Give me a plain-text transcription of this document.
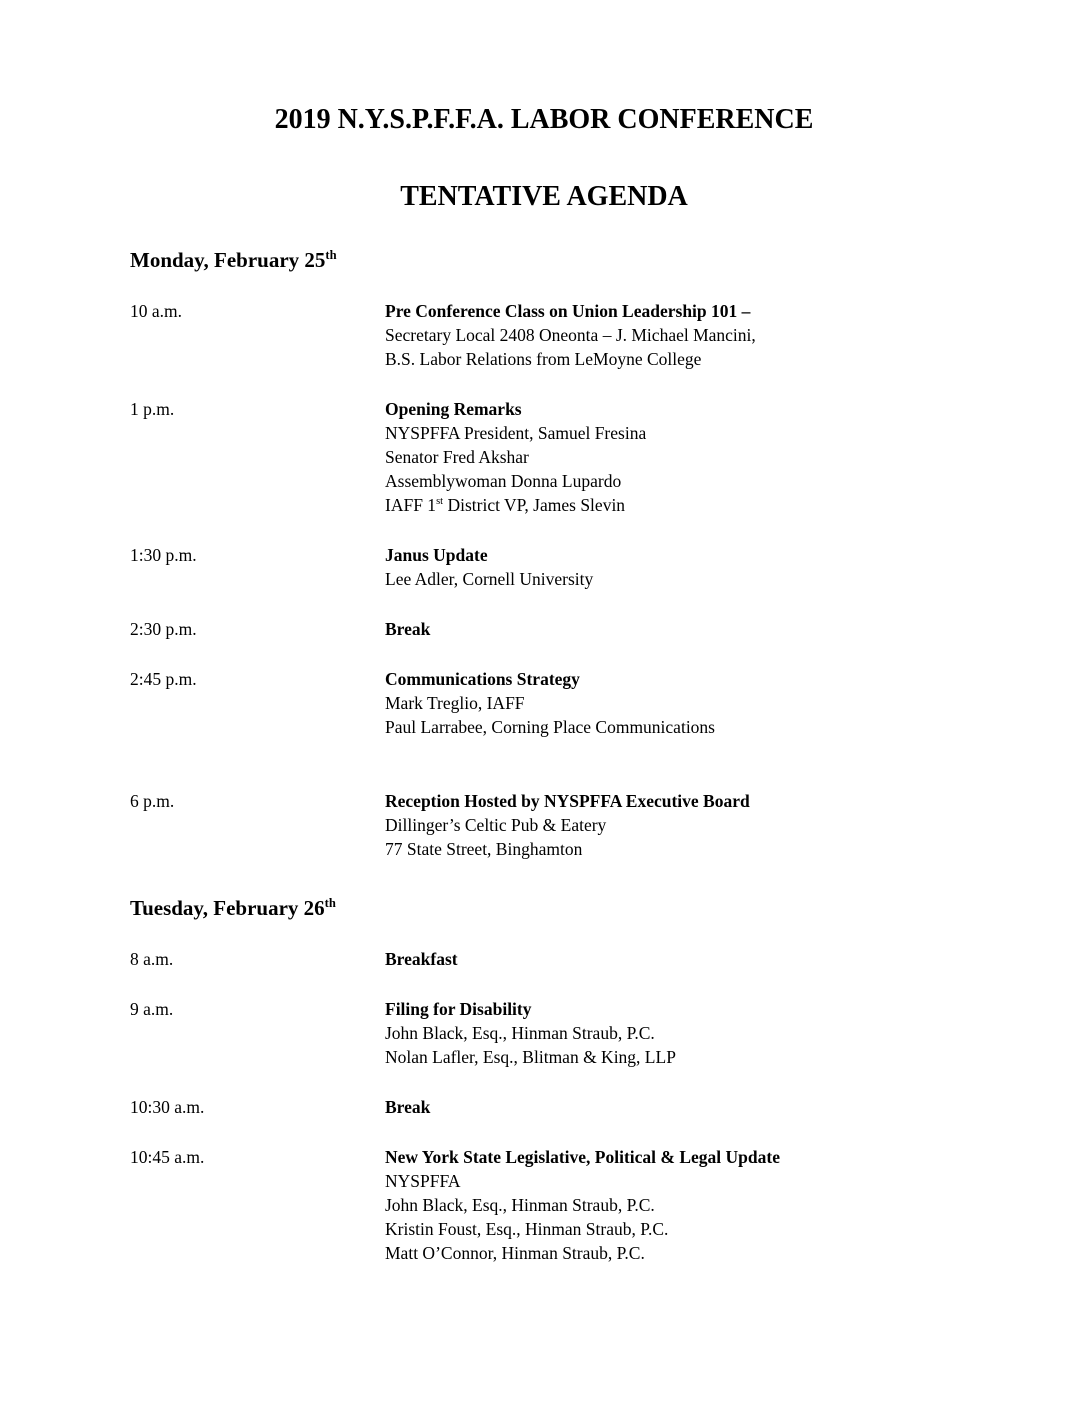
2019 N.Y.S.P.F.F.A. LABOR CONFERENCE
TENTATIVE AGENDA
Monday, February 25th
10 a.m.	Pre Conference Class on Union Leadership 101 –
Secretary Local 2408 Oneonta – J. Michael Mancini,
B.S. Labor Relations from LeMoyne College
1 p.m.	Opening Remarks
NYSPFFA President, Samuel Fresina
Senator Fred Akshar
Assemblywoman Donna Lupardo
IAFF 1st District VP, James Slevin
1:30 p.m.	Janus Update
Lee Adler, Cornell University
2:30 p.m.	Break
2:45 p.m.	Communications Strategy
Mark Treglio, IAFF
Paul Larrabee, Corning Place Communications
6 p.m.	Reception Hosted by NYSPFFA Executive Board
Dillinger’s Celtic Pub & Eatery
77 State Street, Binghamton
Tuesday, February 26th
8 a.m.	Breakfast
9 a.m.	Filing for Disability
John Black, Esq., Hinman Straub, P.C.
Nolan Lafler, Esq., Blitman & King, LLP
10:30 a.m.	Break
10:45 a.m.	New York State Legislative, Political & Legal Update
NYSPFFA
John Black, Esq., Hinman Straub, P.C.
Kristin Foust, Esq., Hinman Straub, P.C.
Matt O’Connor, Hinman Straub, P.C.
